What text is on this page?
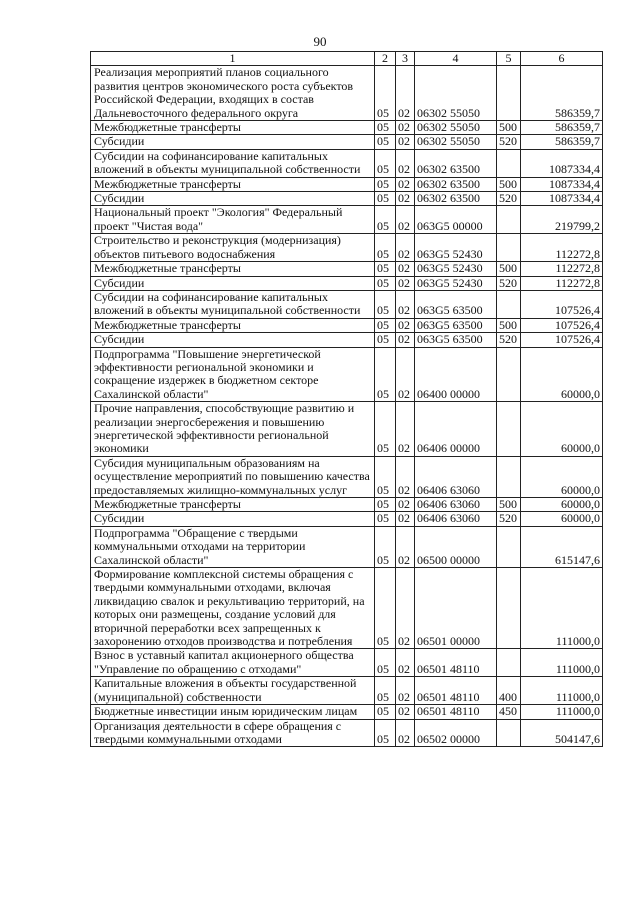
90
1	2	3	4	5	6
Реализация мероприятий планов социального развития центров экономического роста субъектов Российской Федерации, входящих в состав Дальневосточного федерального округа	05	02	06302 55050		586359,7
Межбюджетные трансферты	05	02	06302 55050	500	586359,7
Субсидии	05	02	06302 55050	520	586359,7
Субсидии на софинансирование капитальных вложений в объекты муниципальной собственности	05	02	06302 63500		1087334,4
Межбюджетные трансферты	05	02	06302 63500	500	1087334,4
Субсидии	05	02	06302 63500	520	1087334,4
Национальный проект "Экология" Федеральный проект "Чистая вода"	05	02	063G5 00000		219799,2
Строительство и реконструкция (модернизация) объектов питьевого водоснабжения	05	02	063G5 52430		112272,8
Межбюджетные трансферты	05	02	063G5 52430	500	112272,8
Субсидии	05	02	063G5 52430	520	112272,8
Субсидии на софинансирование капитальных вложений в объекты муниципальной собственности	05	02	063G5 63500		107526,4
Межбюджетные трансферты	05	02	063G5 63500	500	107526,4
Субсидии	05	02	063G5 63500	520	107526,4
Подпрограмма "Повышение энергетической эффективности региональной экономики и сокращение издержек в бюджетном секторе Сахалинской области"	05	02	06400 00000		60000,0
Прочие направления, способствующие развитию и реализации энергосбережения и повышению энергетической эффективности региональной экономики	05	02	06406 00000		60000,0
Субсидия муниципальным образованиям на осуществление мероприятий по повышению качества предоставляемых жилищно-коммунальных услуг	05	02	06406 63060		60000,0
Межбюджетные трансферты	05	02	06406 63060	500	60000,0
Субсидии	05	02	06406 63060	520	60000,0
Подпрограмма "Обращение с твердыми коммунальными отходами на территории Сахалинской области"	05	02	06500 00000		615147,6
Формирование комплексной системы обращения с твердыми коммунальными отходами, включая ликвидацию свалок и рекультивацию территорий, на которых они размещены, создание условий для вторичной переработки всех запрещенных к захоронению отходов производства и потребления	05	02	06501 00000		111000,0
Взнос в уставный капитал акционерного общества "Управление по обращению с отходами"	05	02	06501 48110		111000,0
Капитальные вложения в объекты государственной (муниципальной) собственности	05	02	06501 48110	400	111000,0
Бюджетные инвестиции иным юридическим лицам	05	02	06501 48110	450	111000,0
Организация деятельности в сфере обращения с твердыми коммунальными отходами	05	02	06502 00000		504147,6
